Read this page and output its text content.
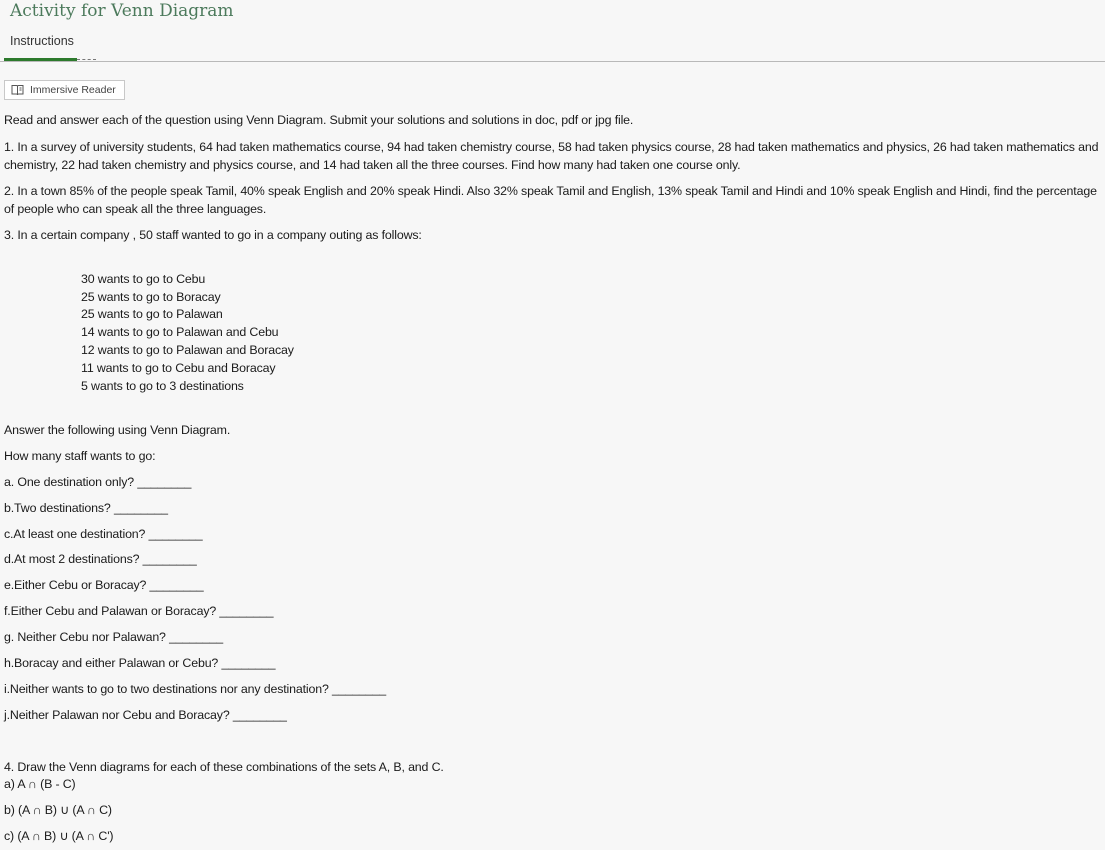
Activity for Venn Diagram
Instructions
Immersive Reader
Read and answer each of the question using Venn Diagram. Submit your solutions and solutions in doc, pdf or jpg file.
1. In a survey of university students, 64 had taken mathematics course, 94 had taken chemistry course, 58 had taken physics course, 28 had taken mathematics and physics, 26 had taken mathematics and chemistry, 22 had taken chemistry and physics course, and 14 had taken all the three courses. Find how many had taken one course only.
2. In a town 85% of the people speak Tamil, 40% speak English and 20% speak Hindi. Also 32% speak Tamil and English, 13% speak Tamil and Hindi and 10% speak English and Hindi, find the percentage of people who can speak all the three languages.
3. In a certain company , 50 staff wanted to go in a company outing as follows:
30 wants to go to Cebu
25 wants to go to Boracay
25 wants to go to Palawan
14 wants to go to Palawan and Cebu
12 wants to go to Palawan and Boracay
11 wants to go to Cebu and Boracay
5 wants to go to 3 destinations
Answer the following using Venn Diagram.
How many staff wants to go:
a. One destination only? ________
b.Two destinations? ________
c.At least one destination? ________
d.At most 2 destinations? ________
e.Either Cebu or Boracay? ________
f.Either Cebu and Palawan or Boracay? ________
g. Neither Cebu nor Palawan? ________
h.Boracay and either Palawan or Cebu? ________
i.Neither wants to go to two destinations nor any destination? ________
j.Neither Palawan nor Cebu and Boracay? ________
4. Draw the Venn diagrams for each of these combinations of the sets A, B, and C.
a) A ∩ (B - C)
b) (A ∩ B) ∪ (A ∩ C)
c) (A ∩ B) ∪ (A ∩ C')
